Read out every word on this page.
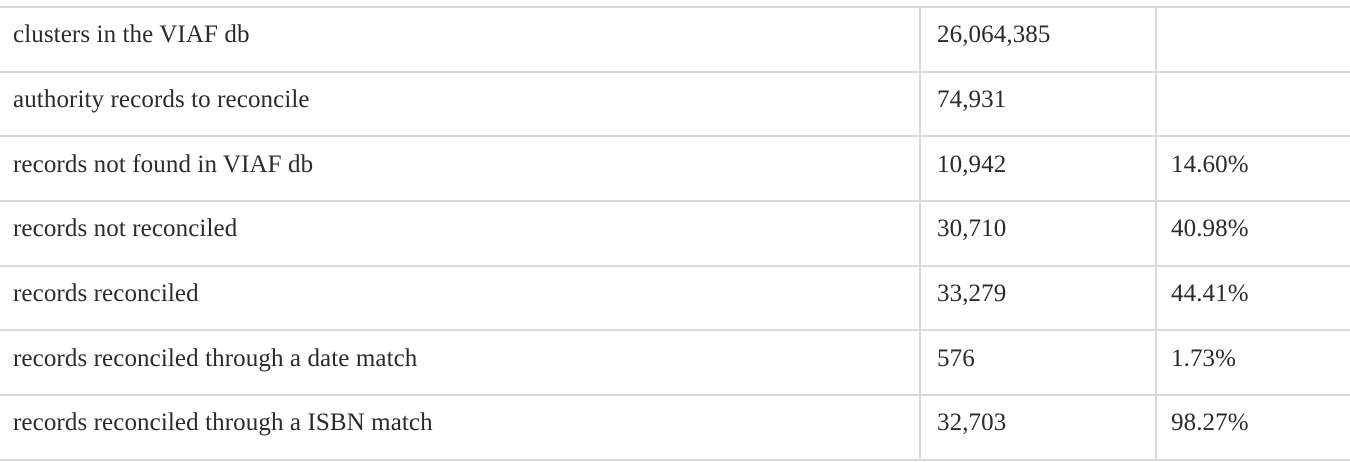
clusters in the VIAF db	26,064,385	
authority records to reconcile	74,931	
records not found in VIAF db	10,942	14.60%
records not reconciled	30,710	40.98%
records reconciled	33,279	44.41%
records reconciled through a date match	576	1.73%
records reconciled through a ISBN match	32,703	98.27%
